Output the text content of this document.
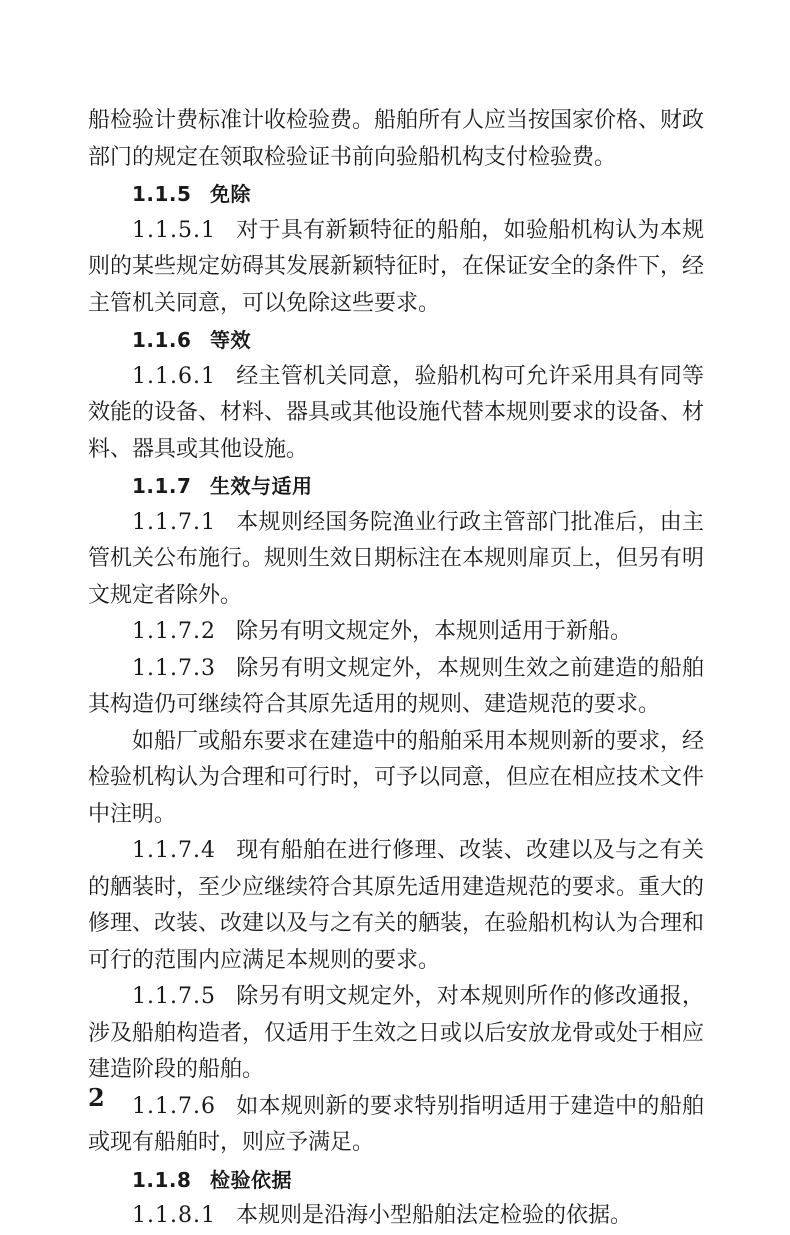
船检验计费标准计收检验费。船舶所有人应当按国家价格、财政部门的规定在领取检验证书前向验船机构支付检验费。

1.1.5 免除

1.1.5.1 对于具有新颖特征的船舶，如验船机构认为本规则的某些规定妨碍其发展新颖特征时，在保证安全的条件下，经主管机关同意，可以免除这些要求。

1.1.6 等效

1.1.6.1 经主管机关同意，验船机构可允许采用具有同等效能的设备、材料、器具或其他设施代替本规则要求的设备、材料、器具或其他设施。

1.1.7 生效与适用

1.1.7.1 本规则经国务院渔业行政主管部门批准后，由主管机关公布施行。规则生效日期标注在本规则扉页上，但另有明文规定者除外。

1.1.7.2 除另有明文规定外，本规则适用于新船。

1.1.7.3 除另有明文规定外，本规则生效之前建造的船舶其构造仍可继续符合其原先适用的规则、建造规范的要求。

如船厂或船东要求在建造中的船舶采用本规则新的要求，经检验机构认为合理和可行时，可予以同意，但应在相应技术文件中注明。

1.1.7.4 现有船舶在进行修理、改装、改建以及与之有关的舾装时，至少应继续符合其原先适用建造规范的要求。重大的修理、改装、改建以及与之有关的舾装，在验船机构认为合理和可行的范围内应满足本规则的要求。

1.1.7.5 除另有明文规定外，对本规则所作的修改通报，涉及船舶构造者，仅适用于生效之日或以后安放龙骨或处于相应建造阶段的船舶。

1.1.7.6 如本规则新的要求特别指明适用于建造中的船舶或现有船舶时，则应予满足。

1.1.8 检验依据

1.1.8.1 本规则是沿海小型船舶法定检验的依据。

2
